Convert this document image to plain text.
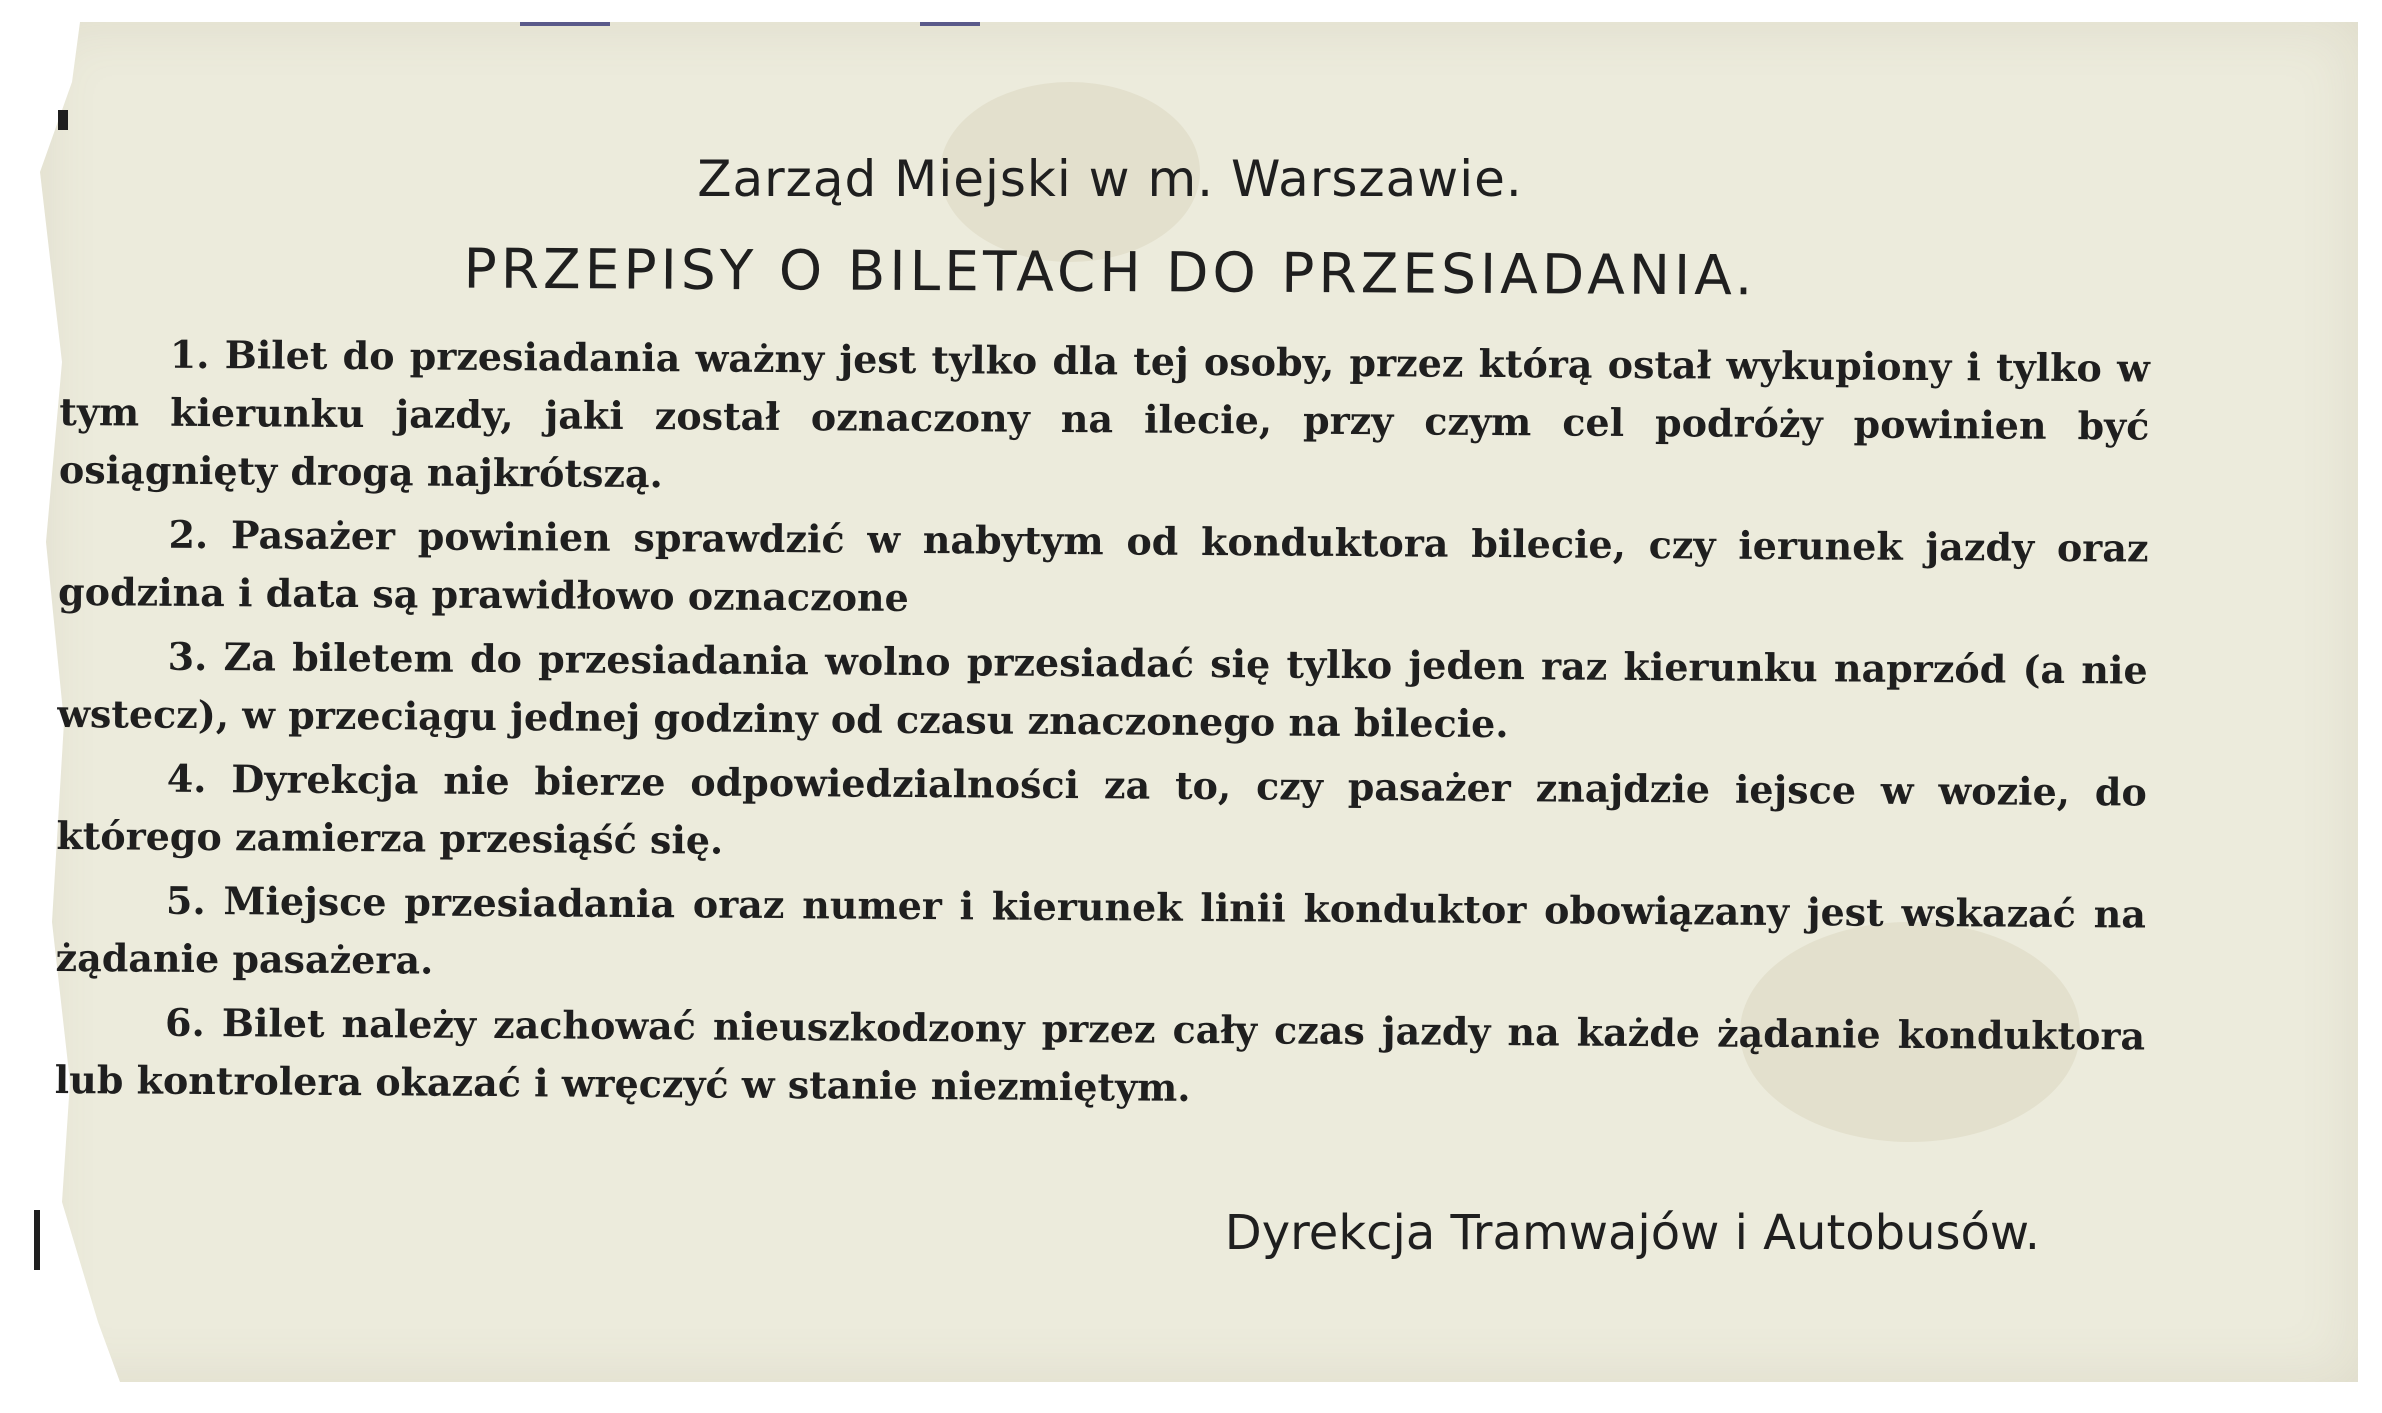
Zarząd Miejski w m. Warszawie.
PRZEPISY O BILETACH DO PRZESIADANIA.

1. Bilet do przesiadania ważny jest tylko dla tej osoby, przez którą ostał wykupiony i tylko w tym kierunku jazdy, jaki został oznaczony na ilecie, przy czym cel podróży powinien być osiągnięty drogą najkrótszą.

2. Pasażer powinien sprawdzić w nabytym od konduktora bilecie, czy ierunek jazdy oraz godzina i data są prawidłowo oznaczone

3. Za biletem do przesiadania wolno przesiadać się tylko jeden raz kierunku naprzód (a nie wstecz), w przeciągu jednej godziny od czasu znaczonego na bilecie.

4. Dyrekcja nie bierze odpowiedzialności za to, czy pasażer znajdzie iejsce w wozie, do którego zamierza przesiąść się.

5. Miejsce przesiadania oraz numer i kierunek linii konduktor obowiązany jest wskazać na żądanie pasażera.

6. Bilet należy zachować nieuszkodzony przez cały czas jazdy na każde żądanie konduktora lub kontrolera okazać i wręczyć w stanie niezmiętym.

Dyrekcja Tramwajów i Autobusów.
